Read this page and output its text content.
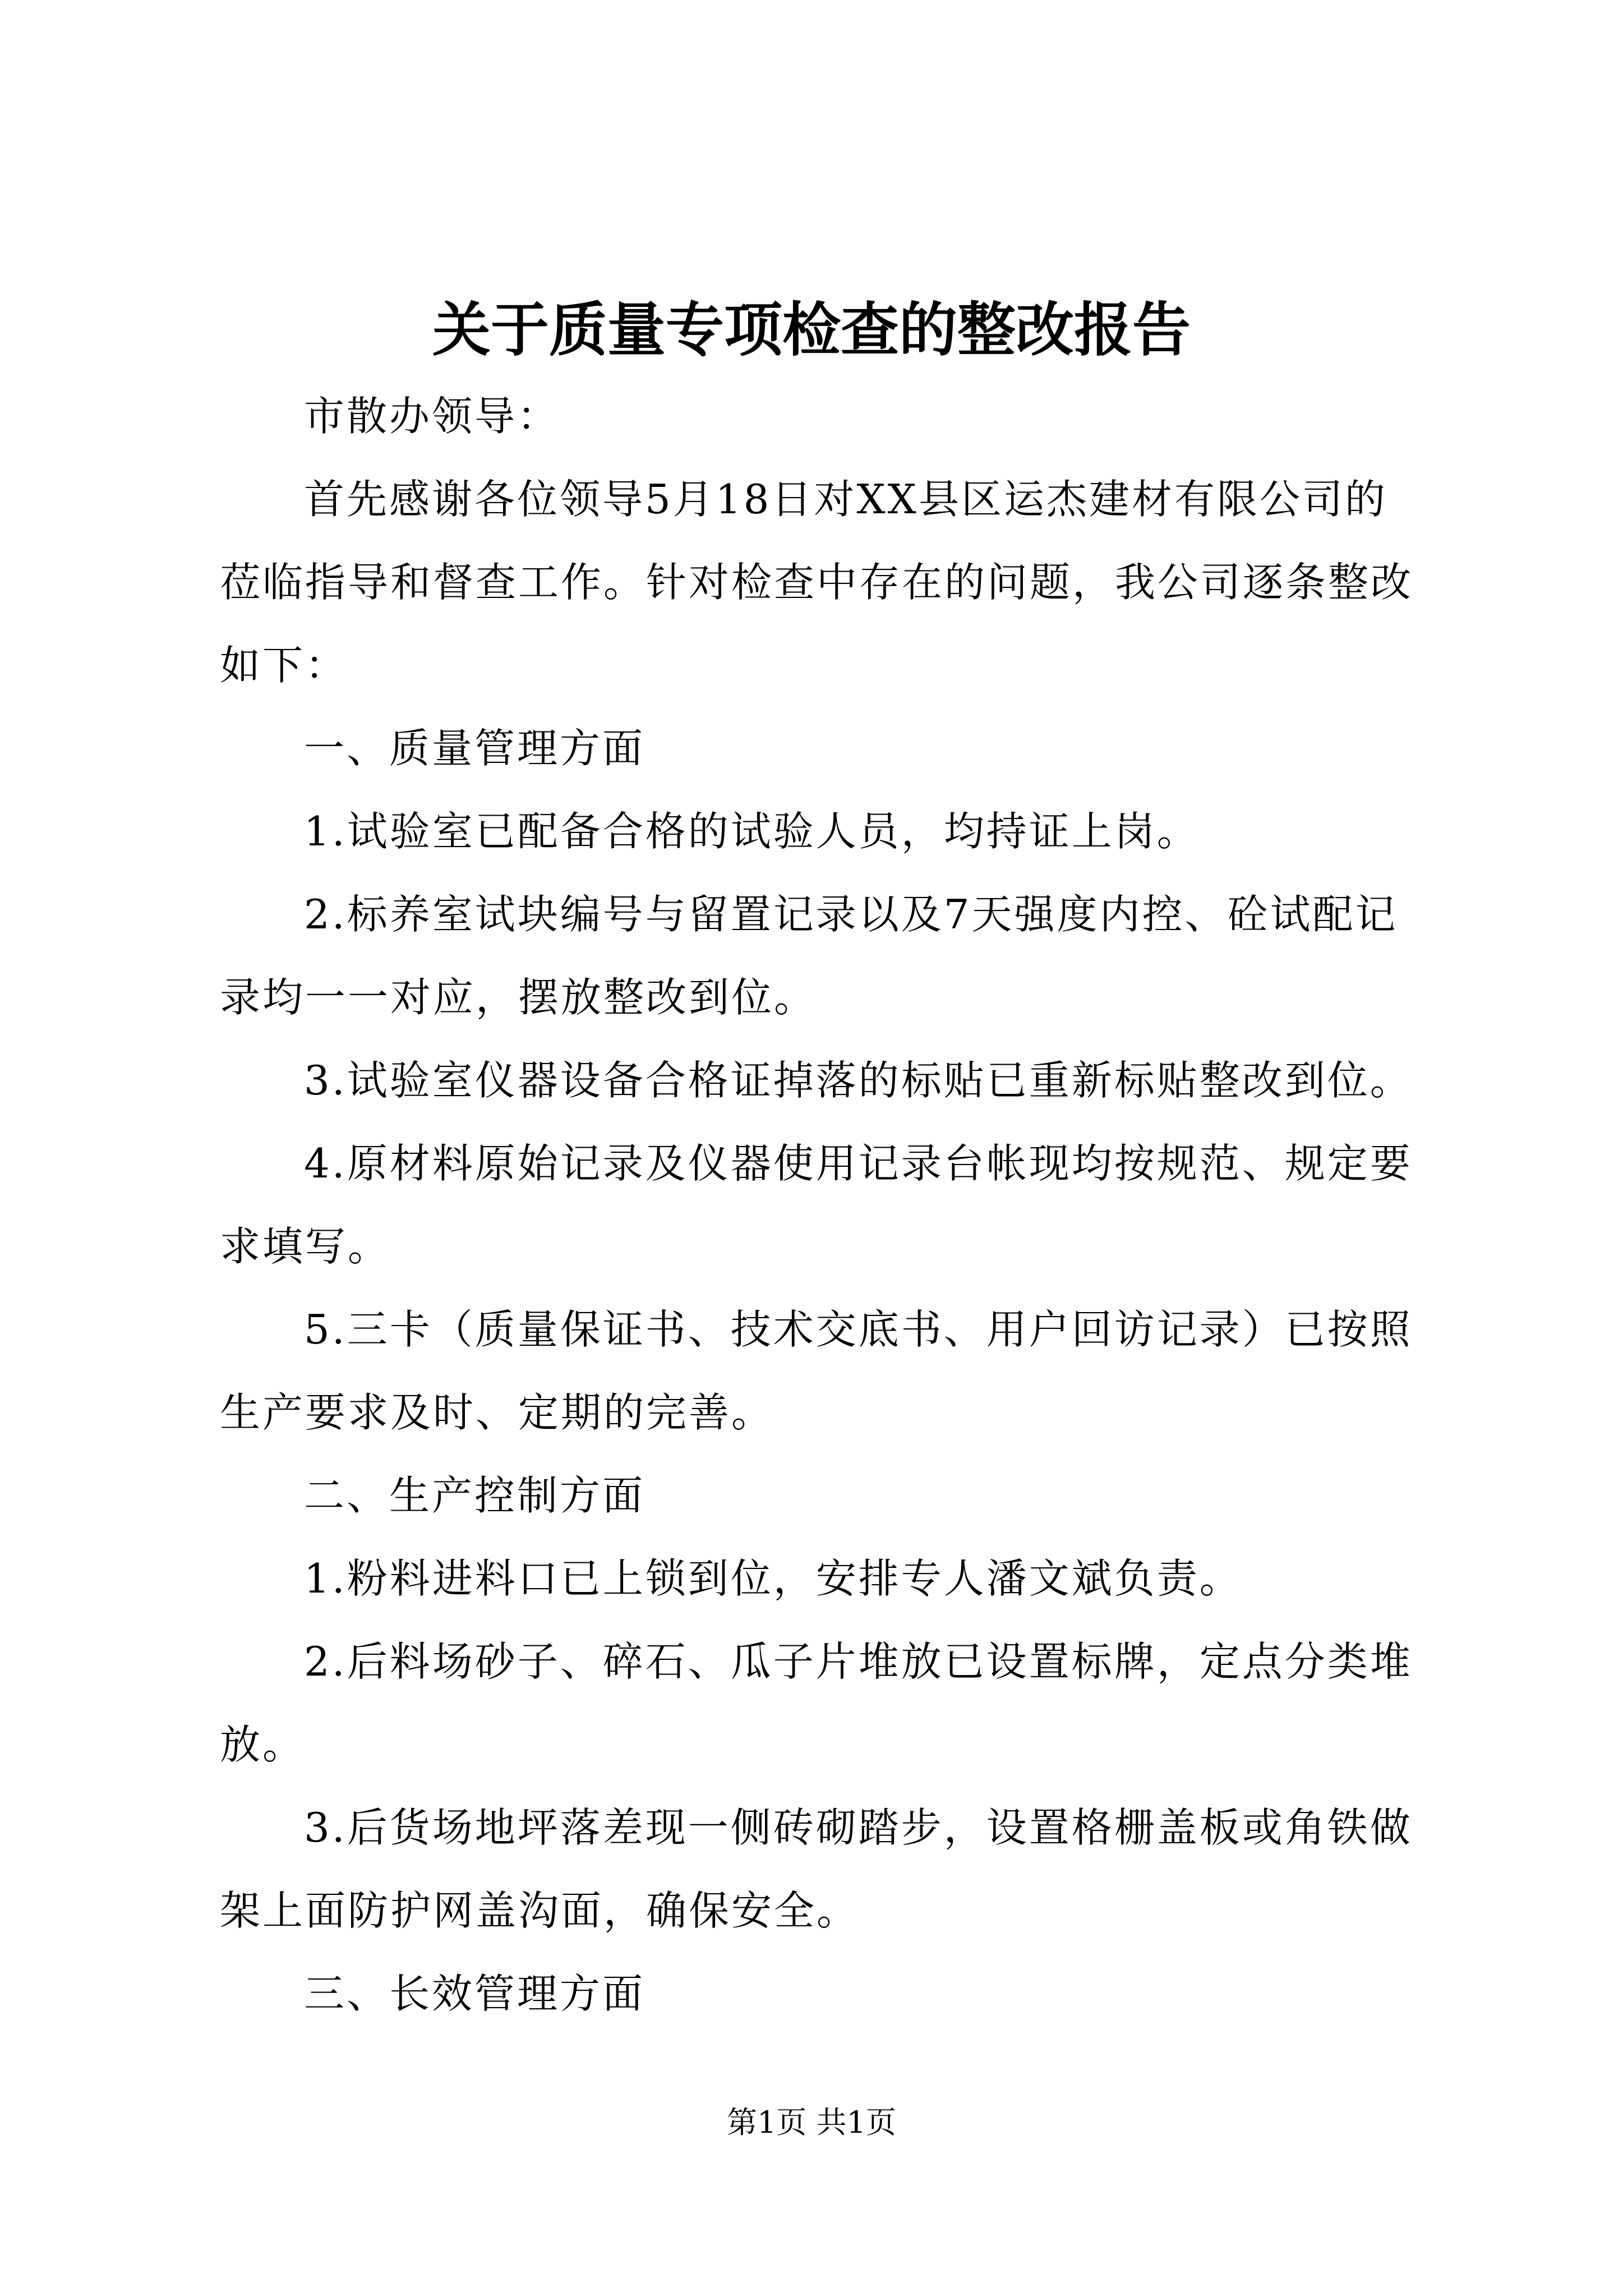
关于质量专项检查的整改报告

市散办领导：

首先感谢各位领导5月18日对XX县区运杰建材有限公司的莅临指导和督查工作。针对检查中存在的问题，我公司逐条整改如下：

一、质量管理方面

1.试验室已配备合格的试验人员，均持证上岗。

2.标养室试块编号与留置记录以及7天强度内控、砼试配记录均一一对应，摆放整改到位。

3.试验室仪器设备合格证掉落的标贴已重新标贴整改到位。

4.原材料原始记录及仪器使用记录台帐现均按规范、规定要求填写。

5.三卡（质量保证书、技术交底书、用户回访记录）已按照生产要求及时、定期的完善。

二、生产控制方面

1.粉料进料口已上锁到位，安排专人潘文斌负责。

2.后料场砂子、碎石、瓜子片堆放已设置标牌，定点分类堆放。

3.后货场地坪落差现一侧砖砌踏步，设置格栅盖板或角铁做架上面防护网盖沟面，确保安全。

三、长效管理方面

第1页 共1页
